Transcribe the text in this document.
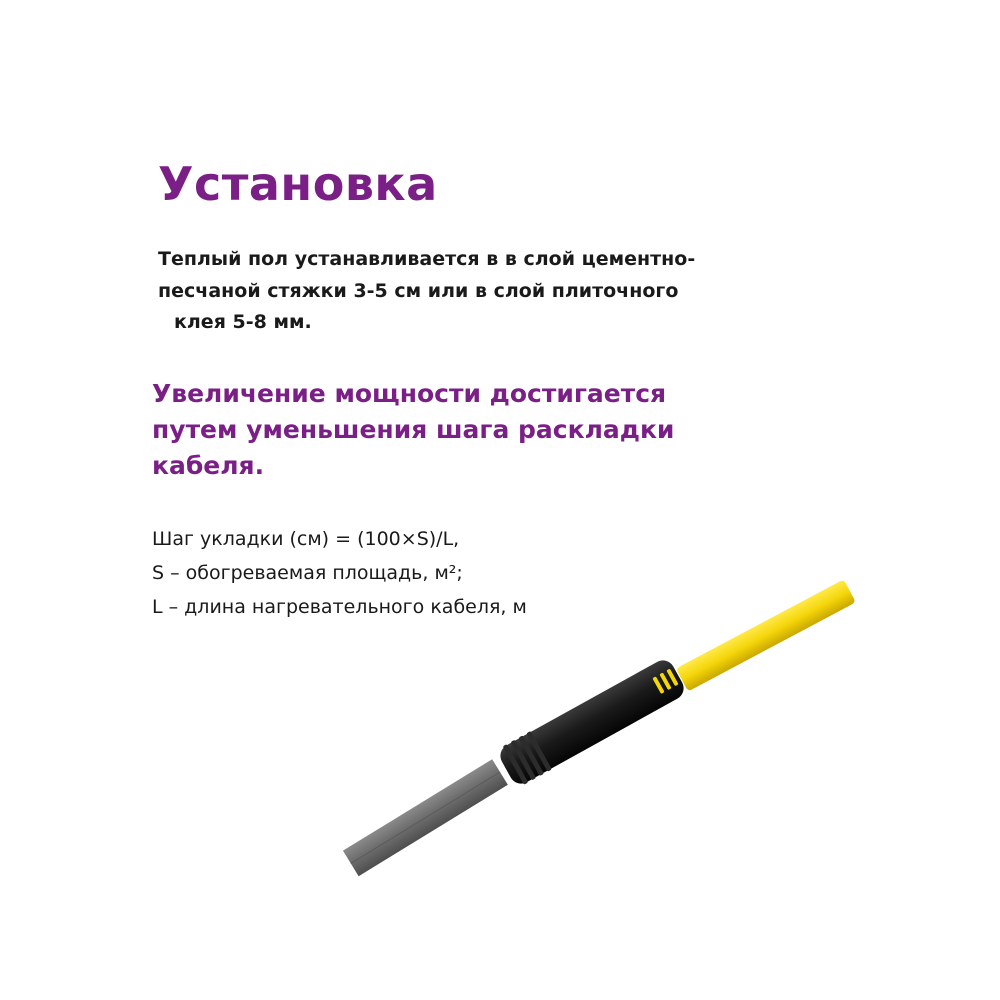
Установка
Теплый пол устанавливается в в слой цементно-
песчаной стяжки 3-5 см или в слой плиточного
клея 5-8 мм.
Увеличение мощности достигается
путем уменьшения шага раскладки
кабеля.
Шаг укладки (см) = (100×S)/L,
S – обогреваемая площадь, м²;
L – длина нагревательного кабеля, м
